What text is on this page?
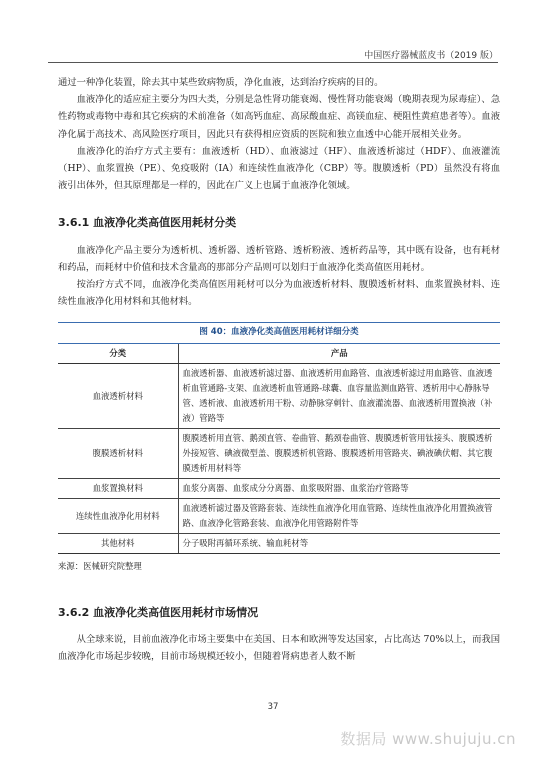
中国医疗器械蓝皮书（2019 版）

通过一种净化装置，除去其中某些致病物质，净化血液，达到治疗疾病的目的。

血液净化的适应症主要分为四大类，分别是急性肾功能衰竭、慢性肾功能衰竭（晚期表现为尿毒症）、急性药物或毒物中毒和其它疾病的术前准备（如高钙血症、高尿酸血症、高镁血症、梗阻性黄疸患者等）。血液净化属于高技术、高风险医疗项目，因此只有获得相应资质的医院和独立血透中心能开展相关业务。

血液净化的治疗方式主要有：血液透析（HD）、血液滤过（HF）、血液透析滤过（HDF）、血液灌流（HP）、血浆置换（PE）、免疫吸附（IA）和连续性血液净化（CBP）等。腹膜透析（PD）虽然没有将血液引出体外，但其原理都是一样的，因此在广义上也属于血液净化领域。

3.6.1 血液净化类高值医用耗材分类

血液净化产品主要分为透析机、透析器、透析管路、透析粉液、透析药品等，其中既有设备，也有耗材和药品，而耗材中价值和技术含量高的那部分产品则可以划归于血液净化类高值医用耗材。

按治疗方式不同，血液净化类高值医用耗材可以分为血液透析材料、腹膜透析材料、血浆置换材料、连续性血液净化用材料和其他材料。

图 40：血液净化类高值医用耗材详细分类
分类	产品
血液透析材料	血液透析器、血液透析滤过器、血液透析用血路管、血液透析滤过用血路管、血液透析血管通路-支架、血液透析血管通路-球囊、血容量监测血路管、透析用中心静脉导管、透析液、血液透析用干粉、动静脉穿刺针、血液灌流器、血液透析用置换液（补液）管路等
腹膜透析材料	腹膜透析用直管、鹅颈直管、卷曲管、鹅颈卷曲管、腹膜透析管用钛接头、腹膜透析外接短管、碘液微型盖、腹膜透析机管路、腹膜透析用管路夹、碘液碘伏帽、其它腹膜透析用材料等
血浆置换材料	血浆分离器、血浆成分分离器、血浆吸附器、血浆治疗管路等
连续性血液净化用材料	血液透析滤过器及管路套装、连续性血液净化用血管路、连续性血液净化用置换液管路、血液净化管路套装、血液净化用管路附件等
其他材料	分子吸附再循环系统、输血耗材等
来源：医械研究院整理
3.6.2 血液净化类高值医用耗材市场情况

从全球来说，目前血液净化市场主要集中在美国、日本和欧洲等发达国家，占比高达 70%以上，而我国血液净化市场起步较晚，目前市场规模还较小，但随着肾病患者人数不断

37
数据局 www.shujuju.cn
